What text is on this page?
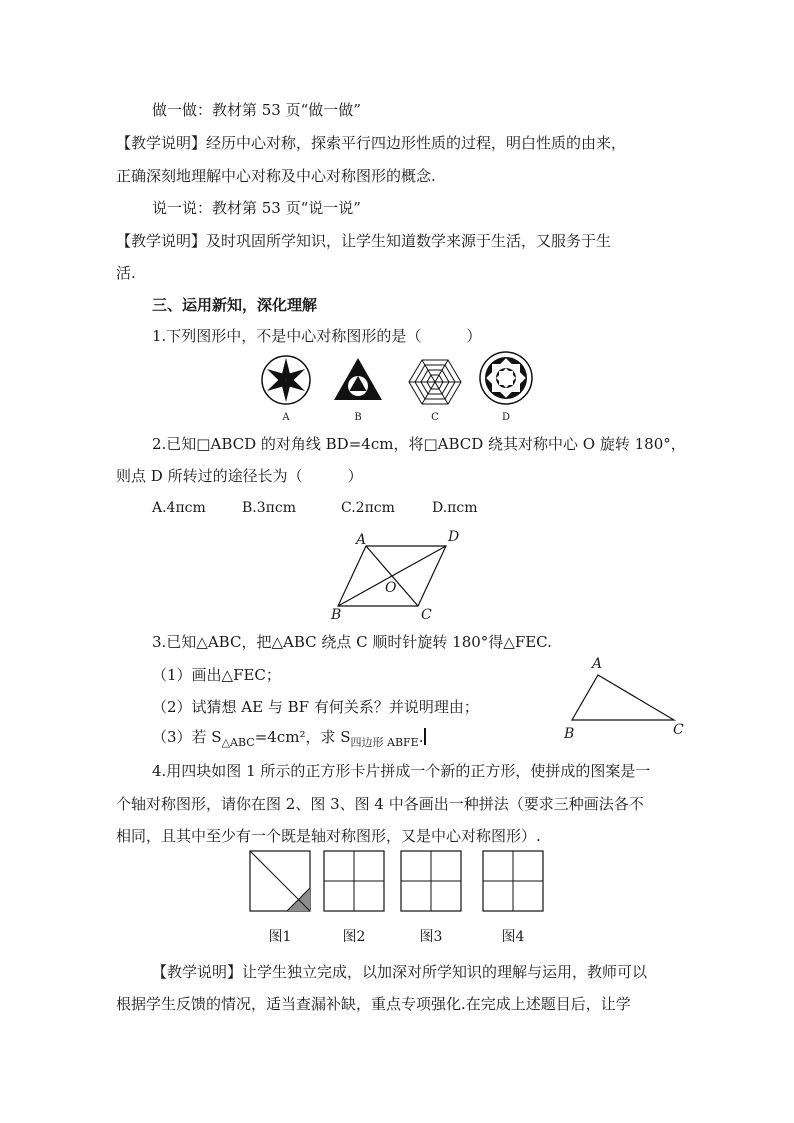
做一做：教材第 53 页“做一做”
【教学说明】经历中心对称，探索平行四边形性质的过程，明白性质的由来，
正确深刻地理解中心对称及中心对称图形的概念.
说一说：教材第 53 页“说一说”
【教学说明】及时巩固所学知识，让学生知道数学来源于生活，又服务于生
活.
三、运用新知，深化理解
1.下列图形中，不是中心对称图形的是（　　　）
A	B	C	D
2.已知□ABCD 的对角线 BD=4cm，将□ABCD 绕其对称中心 O 旋转 180°，
则点 D 所转过的途径长为（　　　）
A.4πcm	B.3πcm	C.2πcm	D.πcm
A	D
O
B	C
3.已知△ABC，把△ABC 绕点 C 顺时针旋转 180°得△FEC.
（1）画出△FEC；
（2）试猜想 AE 与 BF 有何关系？并说明理由；
（3）若 $S_{\triangle ABC}=4cm^2$，求 $S_{四边形 ABFE}$.
A
B	C
4.用四块如图 1 所示的正方形卡片拼成一个新的正方形，使拼成的图案是一
个轴对称图形，请你在图 2、图 3、图 4 中各画出一种拼法（要求三种画法各不
相同，且其中至少有一个既是轴对称图形，又是中心对称图形）.
图1	图2	图3	图4
【教学说明】让学生独立完成，以加深对所学知识的理解与运用，教师可以
根据学生反馈的情况，适当查漏补缺，重点专项强化.在完成上述题目后，让学
